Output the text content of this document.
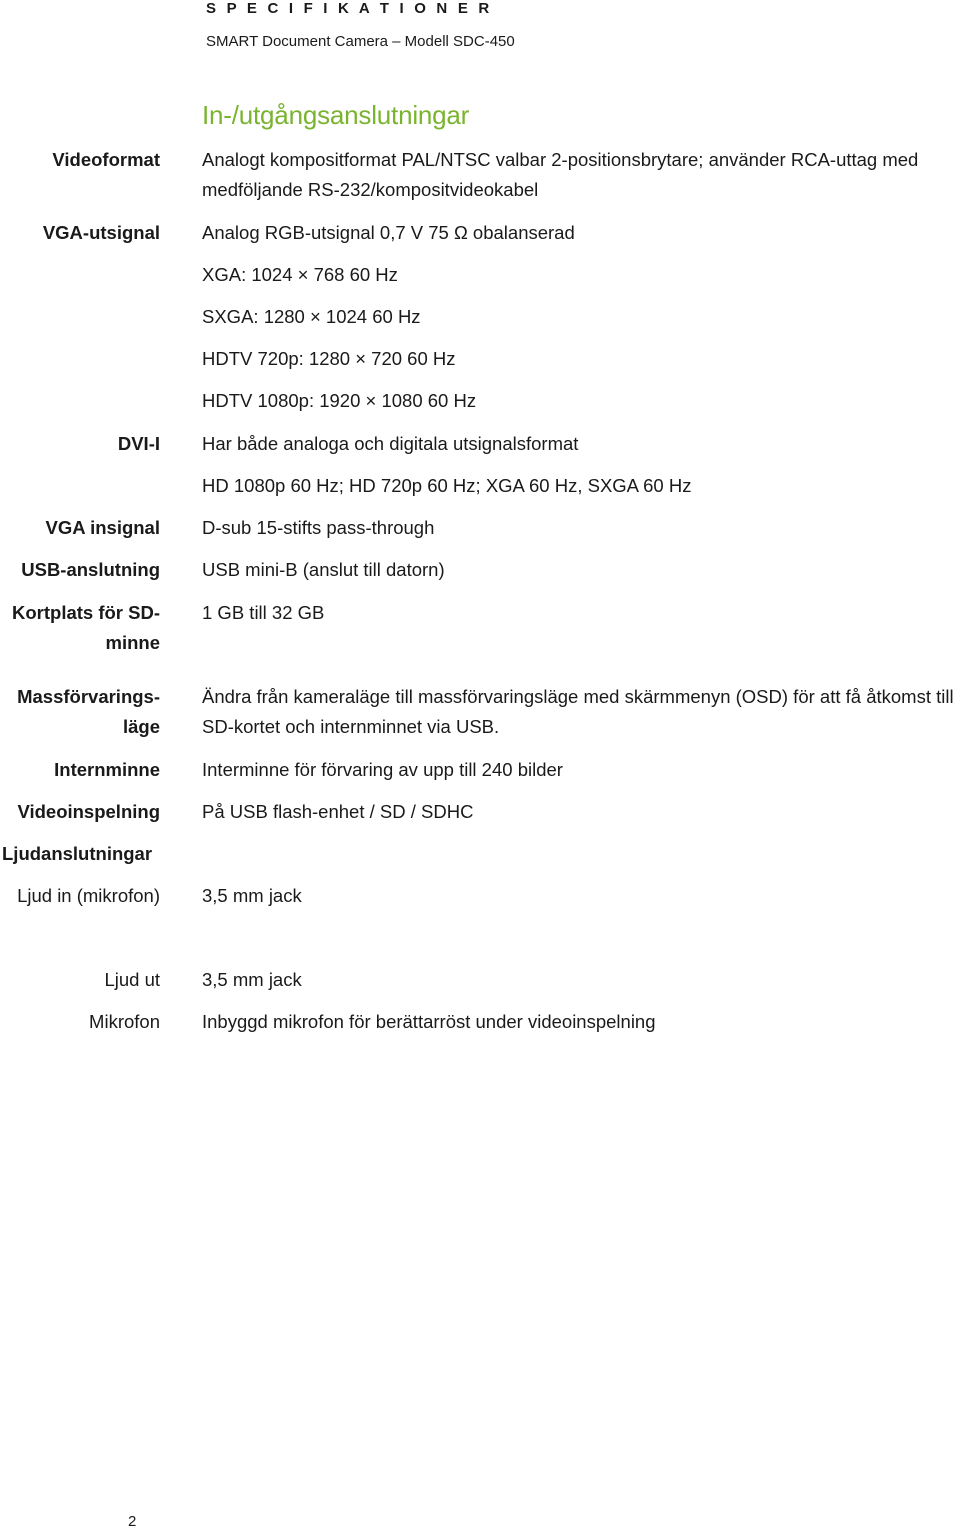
S P E C I F I K A T I O N E R
SMART Document Camera – Modell SDC-450
In-/utgångsanslutningar
Videoformat Analogt kompositformat PAL/NTSC valbar 2-positionsbrytare; använder RCA-uttag med medföljande RS-232/kompositvideokabel
VGA-utsignal Analog RGB-utsignal 0,7 V 75 Ω obalanserad
XGA: 1024 × 768 60 Hz
SXGA: 1280 × 1024 60 Hz
HDTV 720p: 1280 × 720 60 Hz
HDTV 1080p: 1920 × 1080 60 Hz
DVI-I Har både analoga och digitala utsignalsformat
HD 1080p 60 Hz; HD 720p 60 Hz; XGA 60 Hz, SXGA 60 Hz
VGA insignal D-sub 15-stifts pass-through
USB-anslutning USB mini-B (anslut till datorn)
Kortplats för SD-minne
1 GB till 32 GB
Massförvarings-läge
Ändra från kameraläge till massförvaringsläge med skärmmenyn (OSD) för att få åtkomst till SD-kortet och internminnet via USB.
Internminne Interminne för förvaring av upp till 240 bilder
Videoinspelning På USB flash-enhet / SD / SDHC
Ljudanslutningar
Ljud in (mikrofon) 3,5 mm jack
Ljud ut 3,5 mm jack
Mikrofon Inbyggd mikrofon för berättarröst under videoinspelning
2
